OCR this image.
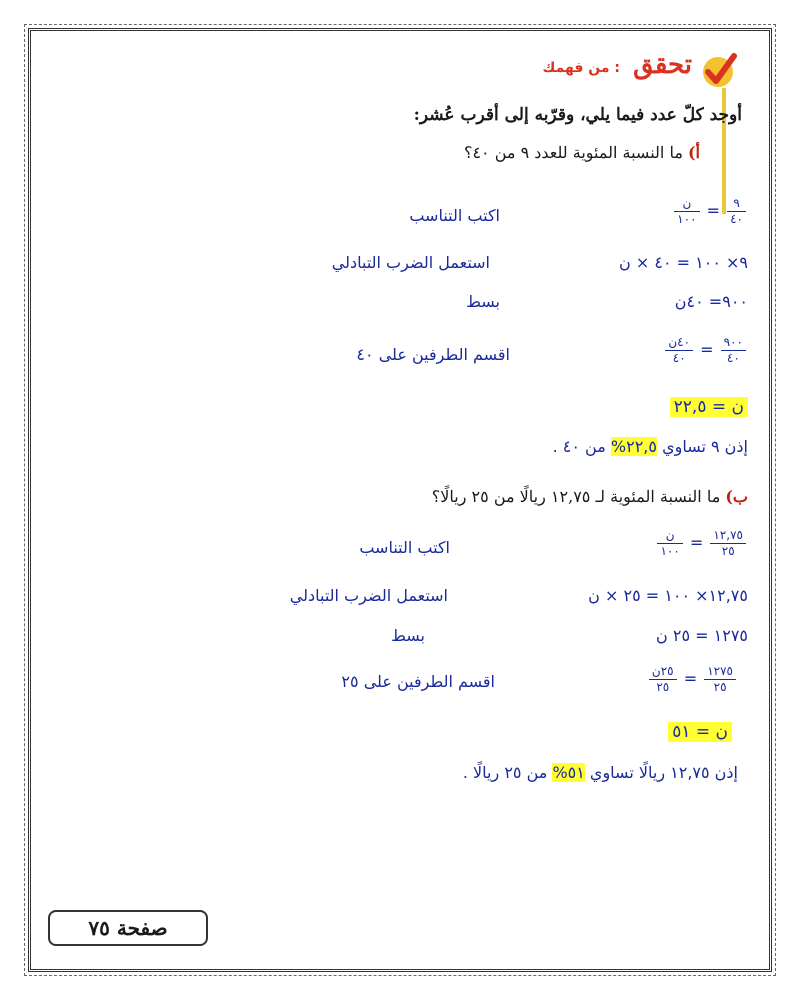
تحقق
من فهمك :
أوجد كلّ عدد فيما يلي، وقرّبه إلى أقرب عُشر:
أ) ما النسبة المئوية للعدد ٩ من ٤٠؟
$\frac{\text{ن}}{١٠٠} = \frac{٩}{٤٠}$
اكتب التناسب
٩× ١٠٠ = ٤٠ × ن
استعمل الضرب التبادلي
٩٠٠= ٤٠ن
بسط
$\frac{\text{٤٠ن}}{٤٠} = \frac{٩٠٠}{٤٠}$
اقسم الطرفين على ٤٠
ن = ٢٢,٥
إذن ٩ تساوي ٢٢,٥% من ٤٠ .
ب) ما النسبة المئوية لـ ١٢,٧٥ ريالًا من ٢٥ ريالًا؟
$\frac{\text{ن}}{١٠٠} = \frac{١٢,٧٥}{٢٥}$
اكتب التناسب
١٢,٧٥× ١٠٠ = ٢٥ × ن
استعمل الضرب التبادلي
١٢٧٥ = ٢٥ ن
بسط
$\frac{\text{٢٥ن}}{٢٥} = \frac{١٢٧٥}{٢٥}$
اقسم الطرفين على ٢٥
ن = ٥١
إذن ١٢,٧٥ ريالًا تساوي ٥١% من ٢٥ ريالًا .
صفحة ٧٥
